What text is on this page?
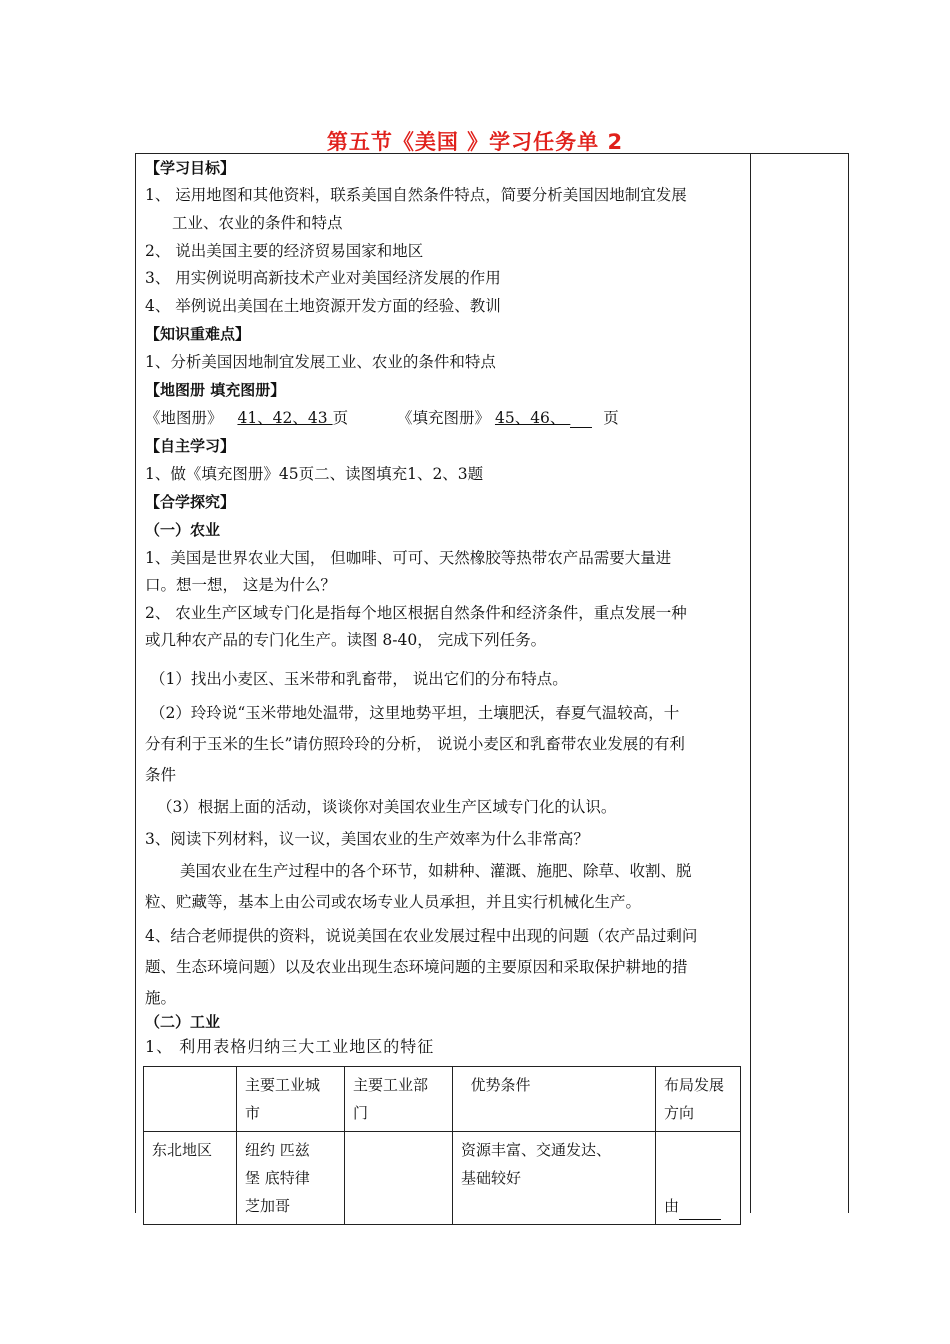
第五节《美国 》学习任务单 2
【学习目标】
1、 运用地图和其他资料，联系美国自然条件特点，简要分析美国因地制宜发展
工业、农业的条件和特点
2、 说出美国主要的经济贸易国家和地区
3、 用实例说明高新技术产业对美国经济发展的作用
4、 举例说出美国在土地资源开发方面的经验、教训
【知识重难点】
1、分析美国因地制宜发展工业、农业的条件和特点
【地图册 填充图册】
《地图册》 41、42、43 页	《填充图册》 45、46、  页
【自主学习】
1、做《填充图册》45页二、读图填充1、2、3题
【合学探究】
（一）农业
1、美国是世界农业大国， 但咖啡、可可、天然橡胶等热带农产品需要大量进
口。想一想， 这是为什么？
2、 农业生产区域专门化是指每个地区根据自然条件和经济条件，重点发展一种
或几种农产品的专门化生产。读图 8-40， 完成下列任务。
（1）找出小麦区、玉米带和乳畜带， 说出它们的分布特点。
（2）玲玲说“玉米带地处温带，这里地势平坦，土壤肥沃，春夏气温较高，十
分有利于玉米的生长”请仿照玲玲的分析， 说说小麦区和乳畜带农业发展的有利
条件
（3）根据上面的活动，谈谈你对美国农业生产区域专门化的认识。
3、阅读下列材料，议一议，美国农业的生产效率为什么非常高？
美国农业在生产过程中的各个环节，如耕种、灌溉、施肥、除草、收割、脱
粒、贮藏等，基本上由公司或农场专业人员承担，并且实行机械化生产。
4、结合老师提供的资料，说说美国在农业发展过程中出现的问题（农产品过剩问
题、生态环境问题）以及农业出现生态环境问题的主要原因和采取保护耕地的措
施。
（二）工业
1、 利用表格归纳三大工业地区的特征
	主要工业城
市	主要工业部
门	优势条件	布局发展
方向
东北地区	纽约 匹兹
堡 底特律
芝加哥		资源丰富、交通发达、
基础较好	由
